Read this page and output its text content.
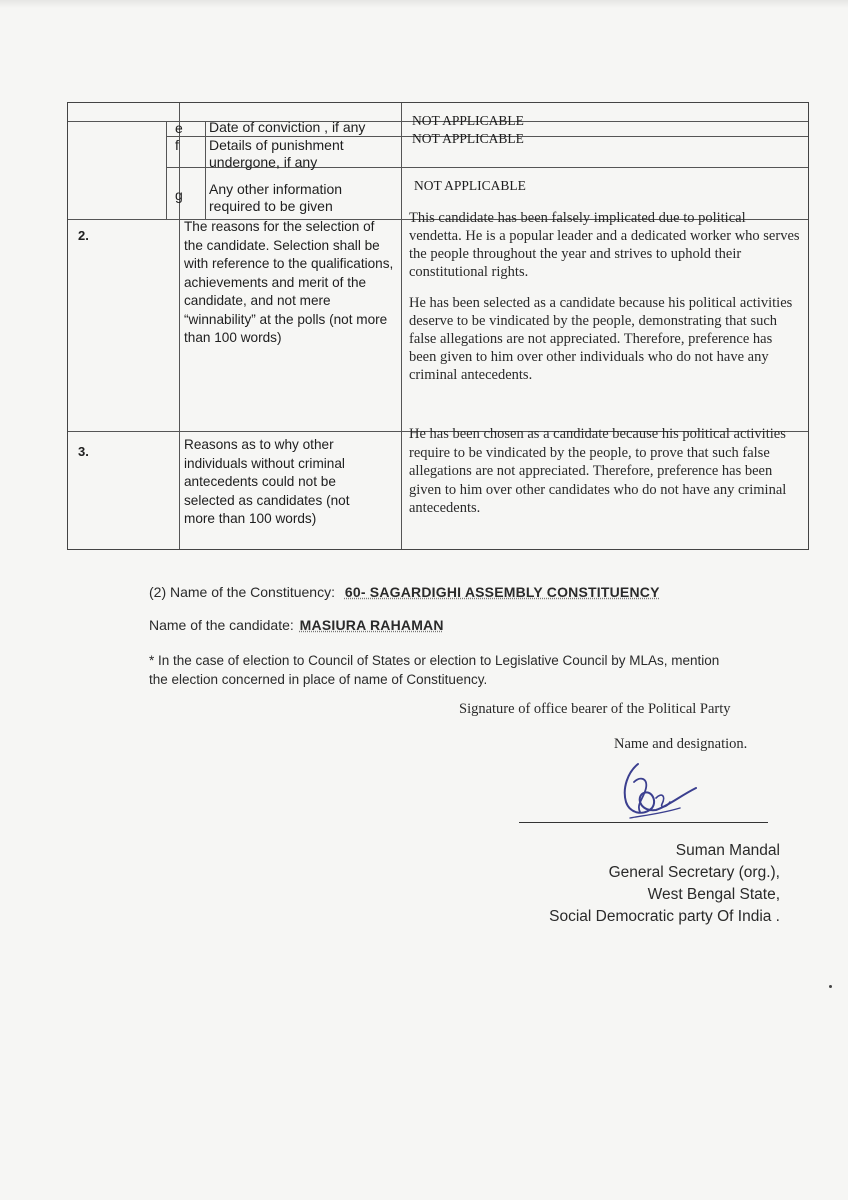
e Date of conviction , if any	NOT APPLICABLE
f Details of punishment undergone, if any
NOT APPLICABLE
g Any other information required to be given
NOT APPLICABLE
2.
The reasons for the selection of the candidate. Selection shall be with reference to the qualifications, achievements and merit of the candidate, and not mere “winnability” at the polls (not more than 100 words)

This candidate has been falsely implicated due to political vendetta. He is a popular leader and a dedicated worker who serves the people throughout the year and strives to uphold their constitutional rights.

He has been selected as a candidate because his political activities deserve to be vindicated by the people, demonstrating that such false allegations are not appreciated. Therefore, preference has been given to him over other individuals who do not have any criminal antecedents.

3.	Reasons as to why other individuals without criminal antecedents could not be selected as candidates (not more than 100 words)
He has been chosen as a candidate because his political activities require to be vindicated by the people, to prove that such false allegations are not appreciated. Therefore, preference has been given to him over other candidates who do not have any criminal antecedents.
(2) Name of the Constituency: 60- SAGARDIGHI ASSEMBLY CONSTITUENCY
Name of the candidate: MASIURA RAHAMAN
* In the case of election to Council of States or election to Legislative Council by MLAs, mention the election concerned in place of name of Constituency.
Signature of office bearer of the Political Party
Name and designation.
Suman Mandal
General Secretary (org.),
West Bengal State,
Social Democratic party Of India .
